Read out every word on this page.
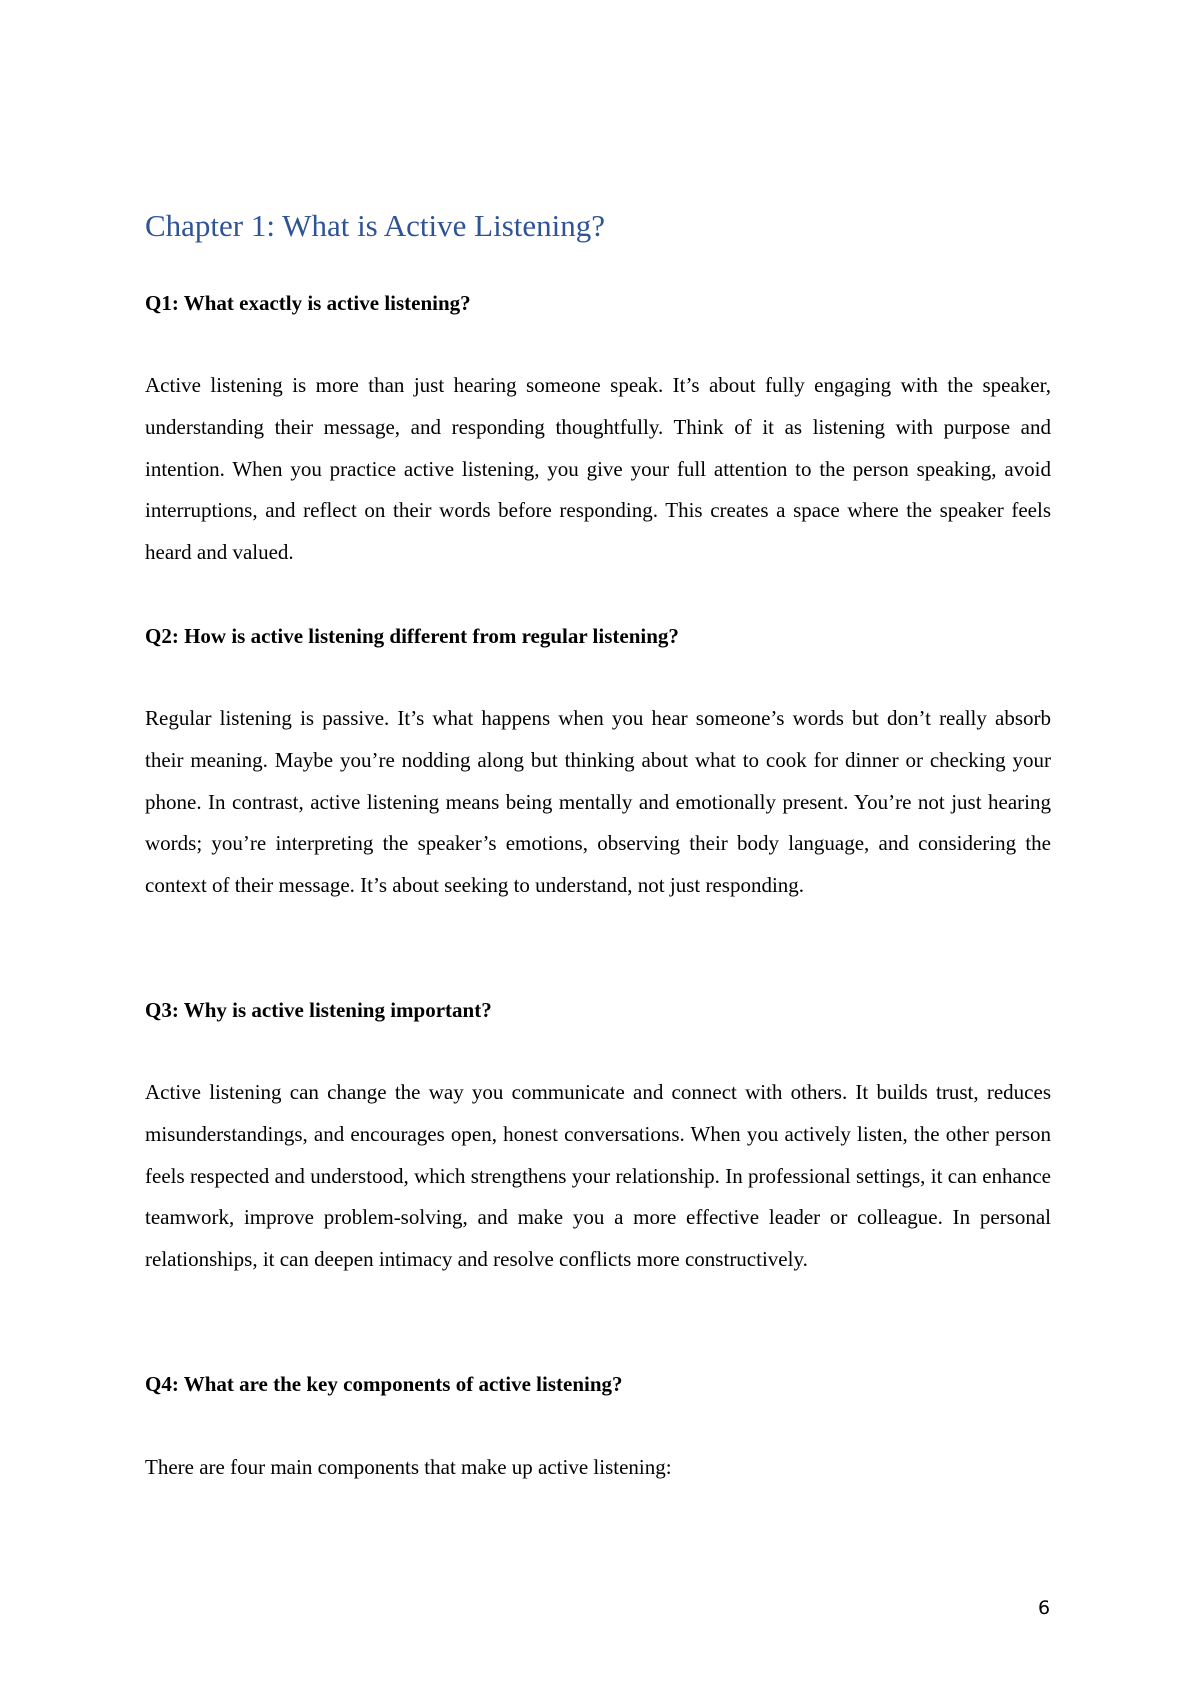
Chapter 1: What is Active Listening?

Q1: What exactly is active listening?

Active listening is more than just hearing someone speak. It’s about fully engaging with the speaker, understanding their message, and responding thoughtfully. Think of it as listening with purpose and intention. When you practice active listening, you give your full attention to the person speaking, avoid interruptions, and reflect on their words before responding. This creates a space where the speaker feels heard and valued.

Q2: How is active listening different from regular listening?

Regular listening is passive. It’s what happens when you hear someone’s words but don’t really absorb their meaning. Maybe you’re nodding along but thinking about what to cook for dinner or checking your phone. In contrast, active listening means being mentally and emotionally present. You’re not just hearing words; you’re interpreting the speaker’s emotions, observing their body language, and considering the context of their message. It’s about seeking to understand, not just responding.

Q3: Why is active listening important?

Active listening can change the way you communicate and connect with others. It builds trust, reduces misunderstandings, and encourages open, honest conversations. When you actively listen, the other person feels respected and understood, which strengthens your relationship. In professional settings, it can enhance teamwork, improve problem-solving, and make you a more effective leader or colleague. In personal relationships, it can deepen intimacy and resolve conflicts more constructively.

Q4: What are the key components of active listening?

There are four main components that make up active listening:

6
